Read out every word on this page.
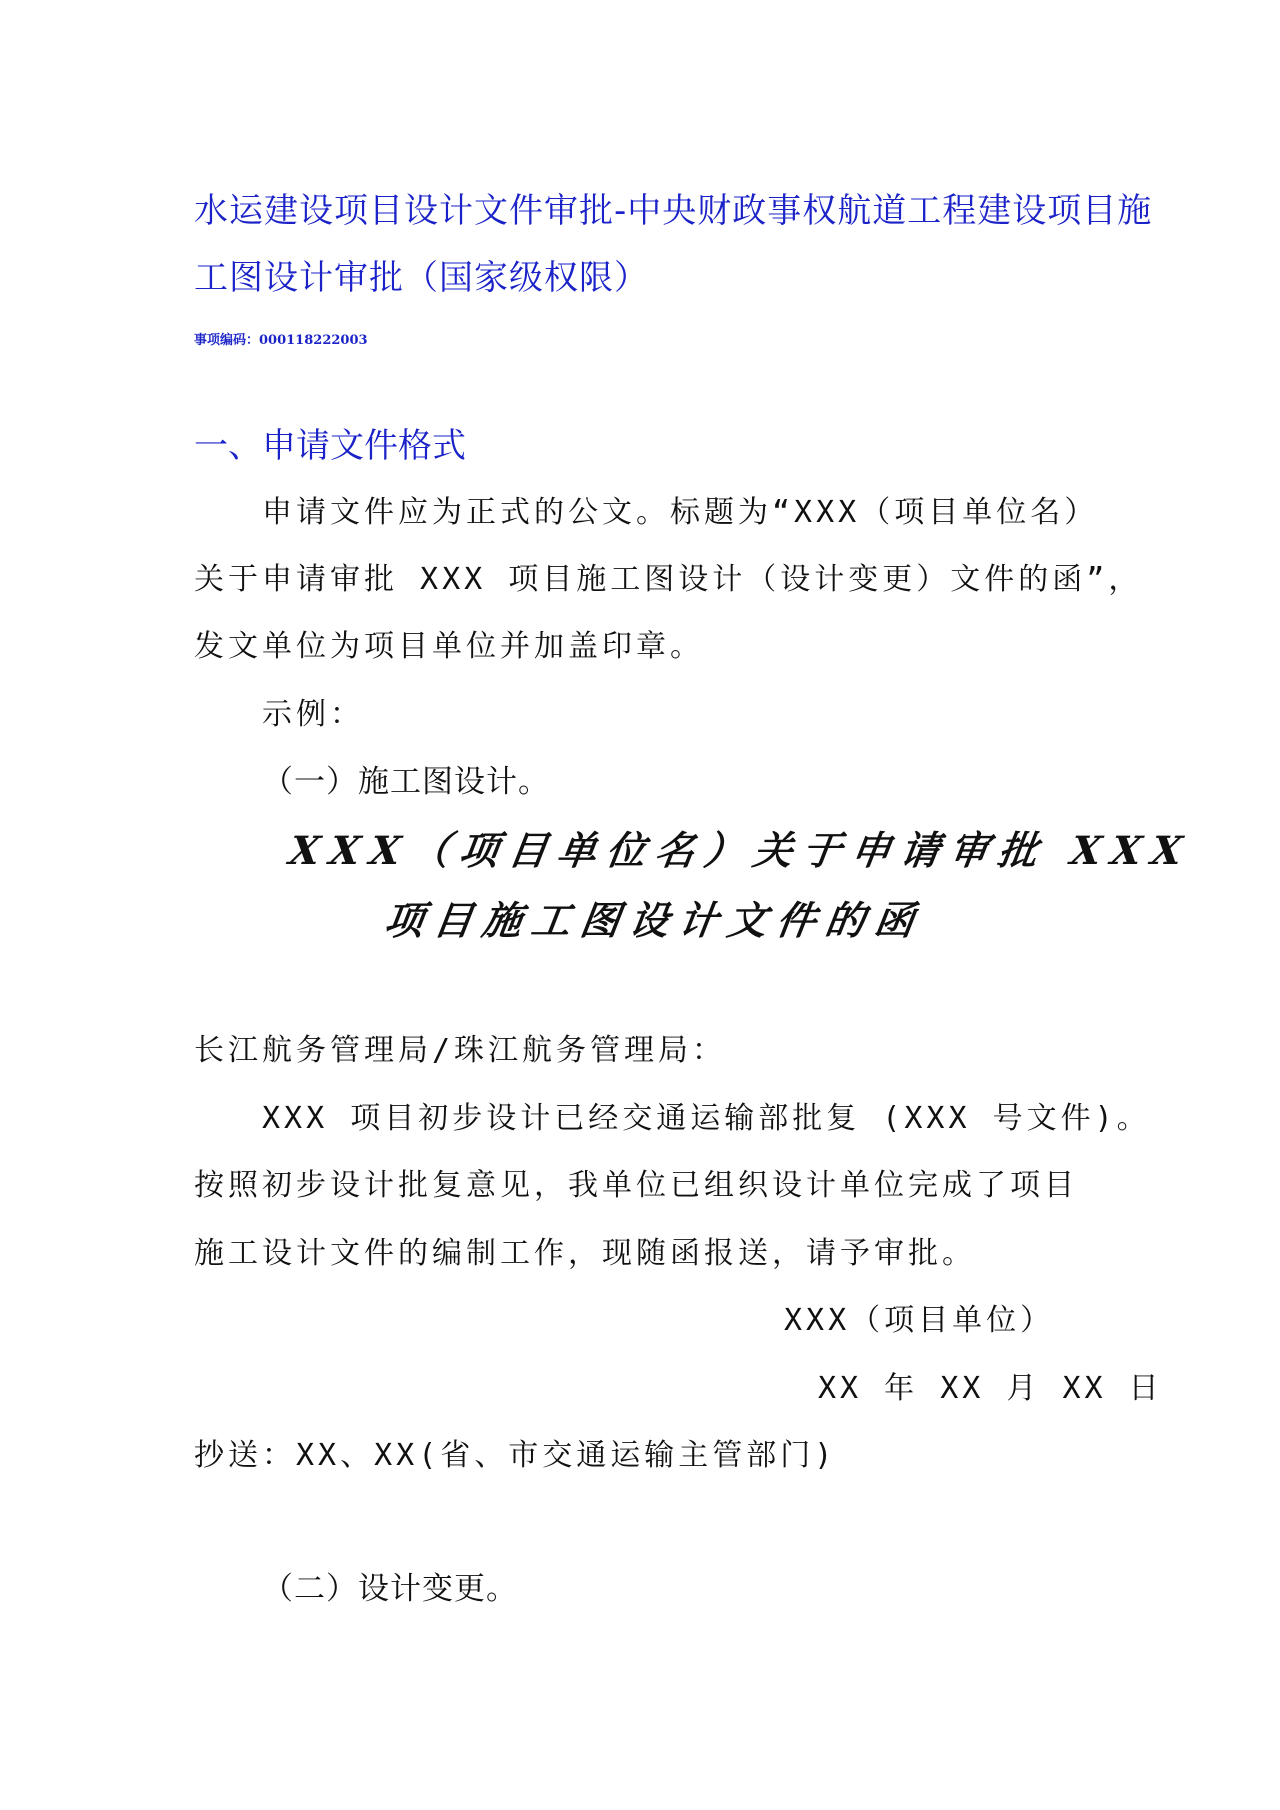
水运建设项目设计文件审批-中央财政事权航道工程建设项目施
工图设计审批（国家级权限）
事项编码：000118222003
一、申请文件格式
申请文件应为正式的公文。标题为“XXX（项目单位名）
关于申请审批 XXX 项目施工图设计（设计变更）文件的函”，
发文单位为项目单位并加盖印章。
示例：
（一）施工图设计。
XXX（项目单位名）关于申请审批 XXX
项目施工图设计文件的函
长江航务管理局/珠江航务管理局：
XXX 项目初步设计已经交通运输部批复 (XXX 号文件)。
按照初步设计批复意见，我单位已组织设计单位完成了项目
施工设计文件的编制工作，现随函报送，请予审批。
XXX（项目单位）
XX 年 XX 月 XX 日
抄送：XX、XX(省、市交通运输主管部门)
（二）设计变更。
